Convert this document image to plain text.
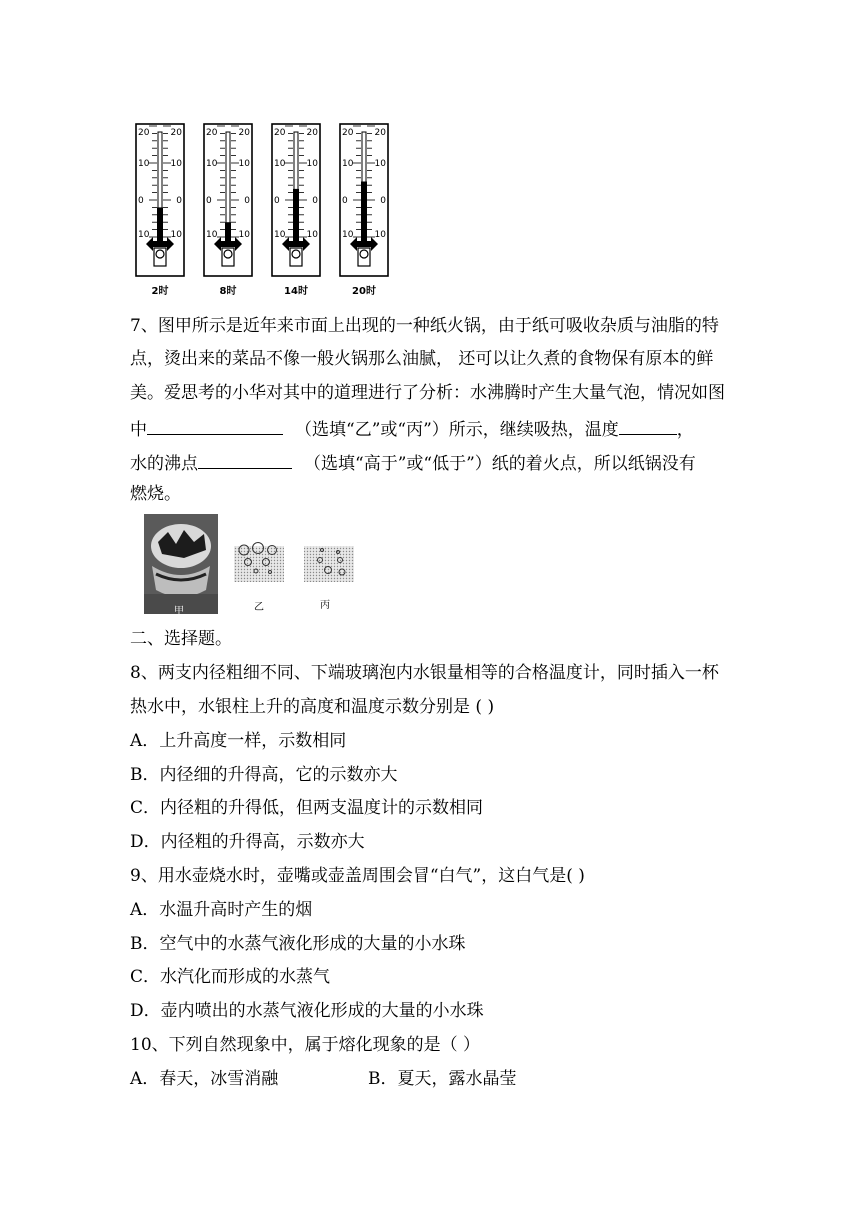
20 20
10 10
0	0
10 10
2时
20 20
10 10
0	0
10 10
8时
20 20
10 10
0	0
10 10
14时
20 20
10 10
0	0
10 10
20时
7、图甲所示是近年来市面上出现的一种纸火锅，由于纸可吸收杂质与油脂的特
点，烫出来的菜品不像一般火锅那么油腻， 还可以让久煮的食物保有原本的鲜
美。爱思考的小华对其中的道理进行了分析：水沸腾时产生大量气泡，情况如图
中	（选填“乙”或“丙”）所示，继续吸热，温度	，
水的沸点	（选填“高于”或“低于”）纸的着火点，所以纸锅没有
燃烧。
甲	乙	丙
二、选择题。
8、两支内径粗细不同、下端玻璃泡内水银量相等的合格温度计，同时插入一杯
热水中，水银柱上升的高度和温度示数分别是 ( )
A．上升高度一样，示数相同
B．内径细的升得高，它的示数亦大
C．内径粗的升得低，但两支温度计的示数相同
D．内径粗的升得高，示数亦大
9、用水壶烧水时，壶嘴或壶盖周围会冒“白气”，这白气是( )
A．水温升高时产生的烟
B．空气中的水蒸气液化形成的大量的小水珠
C．水汽化而形成的水蒸气
D．壶内喷出的水蒸气液化形成的大量的小水珠
10、下列自然现象中，属于熔化现象的是（ ）
A．春天，冰雪消融	B．夏天，露水晶莹
